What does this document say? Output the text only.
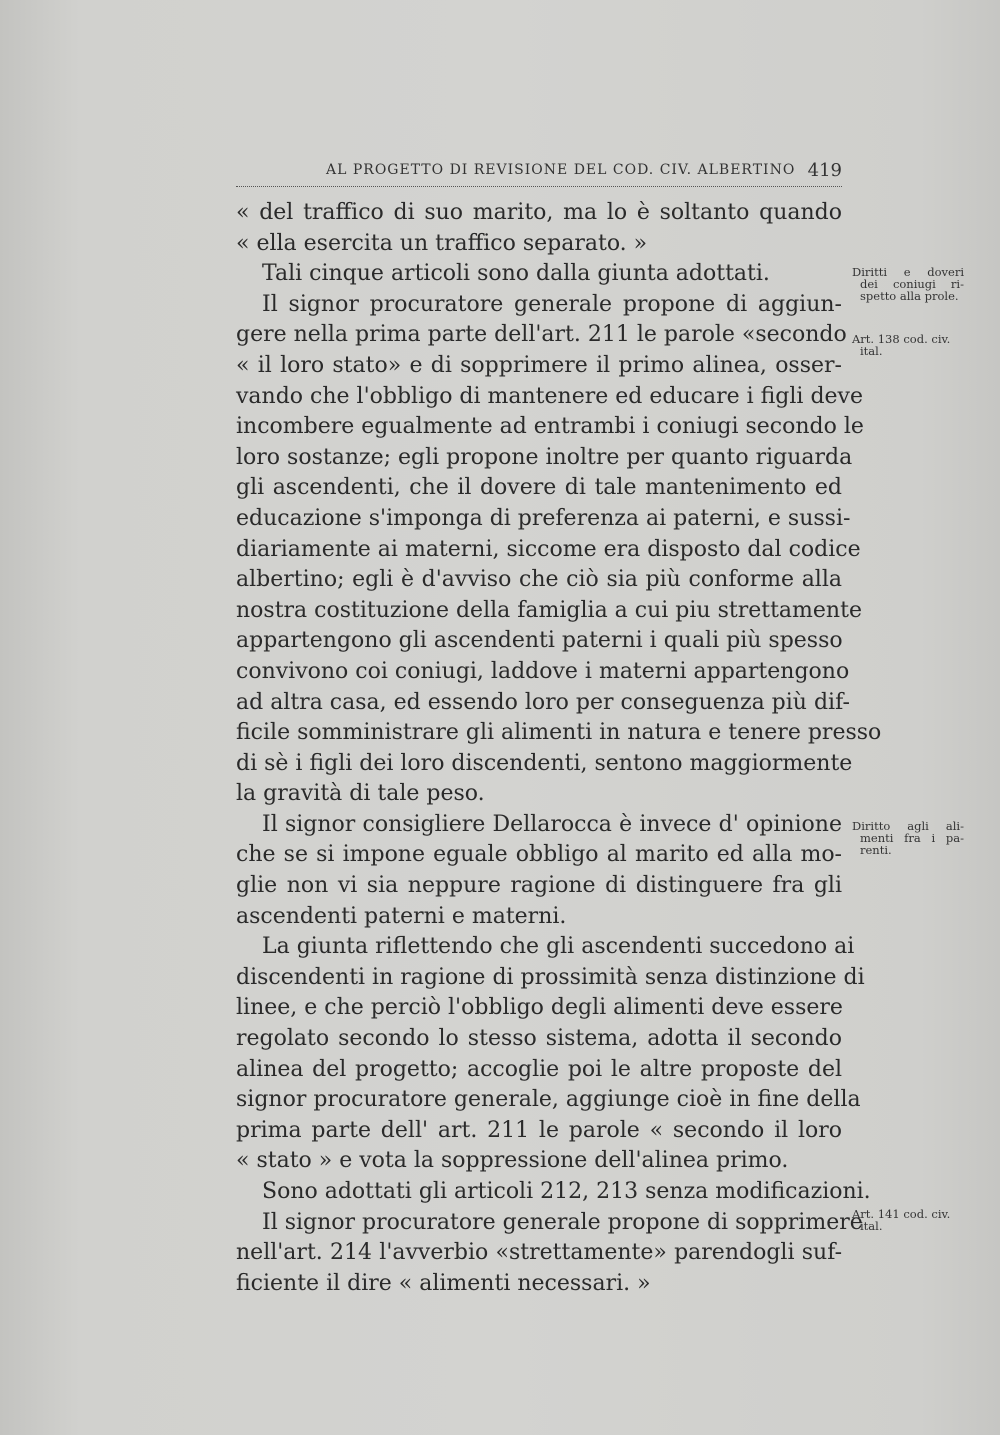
AL PROGETTO DI REVISIONE DEL COD. CIV. ALBERTINO 419
« del traffico di suo marito, ma lo è soltanto quando
« ella esercita un traffico separato. »
Tali cinque articoli sono dalla giunta adottati.
Il signor procuratore generale propone di aggiun-
gere nella prima parte dell'art. 211 le parole «secondo
« il loro stato» e di sopprimere il primo alinea, osser-
vando che l'obbligo di mantenere ed educare i figli deve
incombere egualmente ad entrambi i coniugi secondo le
loro sostanze; egli propone inoltre per quanto riguarda
gli ascendenti, che il dovere di tale mantenimento ed
educazione s'imponga di preferenza ai paterni, e sussi-
diariamente ai materni, siccome era disposto dal codice
albertino; egli è d'avviso che ciò sia più conforme alla
nostra costituzione della famiglia a cui piu strettamente
appartengono gli ascendenti paterni i quali più spesso
convivono coi coniugi, laddove i materni appartengono
ad altra casa, ed essendo loro per conseguenza più dif-
ficile somministrare gli alimenti in natura e tenere presso
di sè i figli dei loro discendenti, sentono maggiormente
la gravità di tale peso.
Il signor consigliere Dellarocca è invece d' opinione
che se si impone eguale obbligo al marito ed alla mo-
glie non vi sia neppure ragione di distinguere fra gli
ascendenti paterni e materni.
La giunta riflettendo che gli ascendenti succedono ai
discendenti in ragione di prossimità senza distinzione di
linee, e che perciò l'obbligo degli alimenti deve essere
regolato secondo lo stesso sistema, adotta il secondo
alinea del progetto; accoglie poi le altre proposte del
signor procuratore generale, aggiunge cioè in fine della
prima parte dell' art. 211 le parole « secondo il loro
« stato » e vota la soppressione dell'alinea primo.
Sono adottati gli articoli 212, 213 senza modificazioni.
Il signor procuratore generale propone di sopprimere
nell'art. 214 l'avverbio «strettamente» parendogli suf-
ficiente il dire « alimenti necessari. »
Diritti e doveri
dei coniugi ri-
spetto alla prole.
Art. 138 cod. civ.
ital.
Diritto agli ali-
menti fra i pa-
renti.
Art. 141 cod. civ.
ital.
